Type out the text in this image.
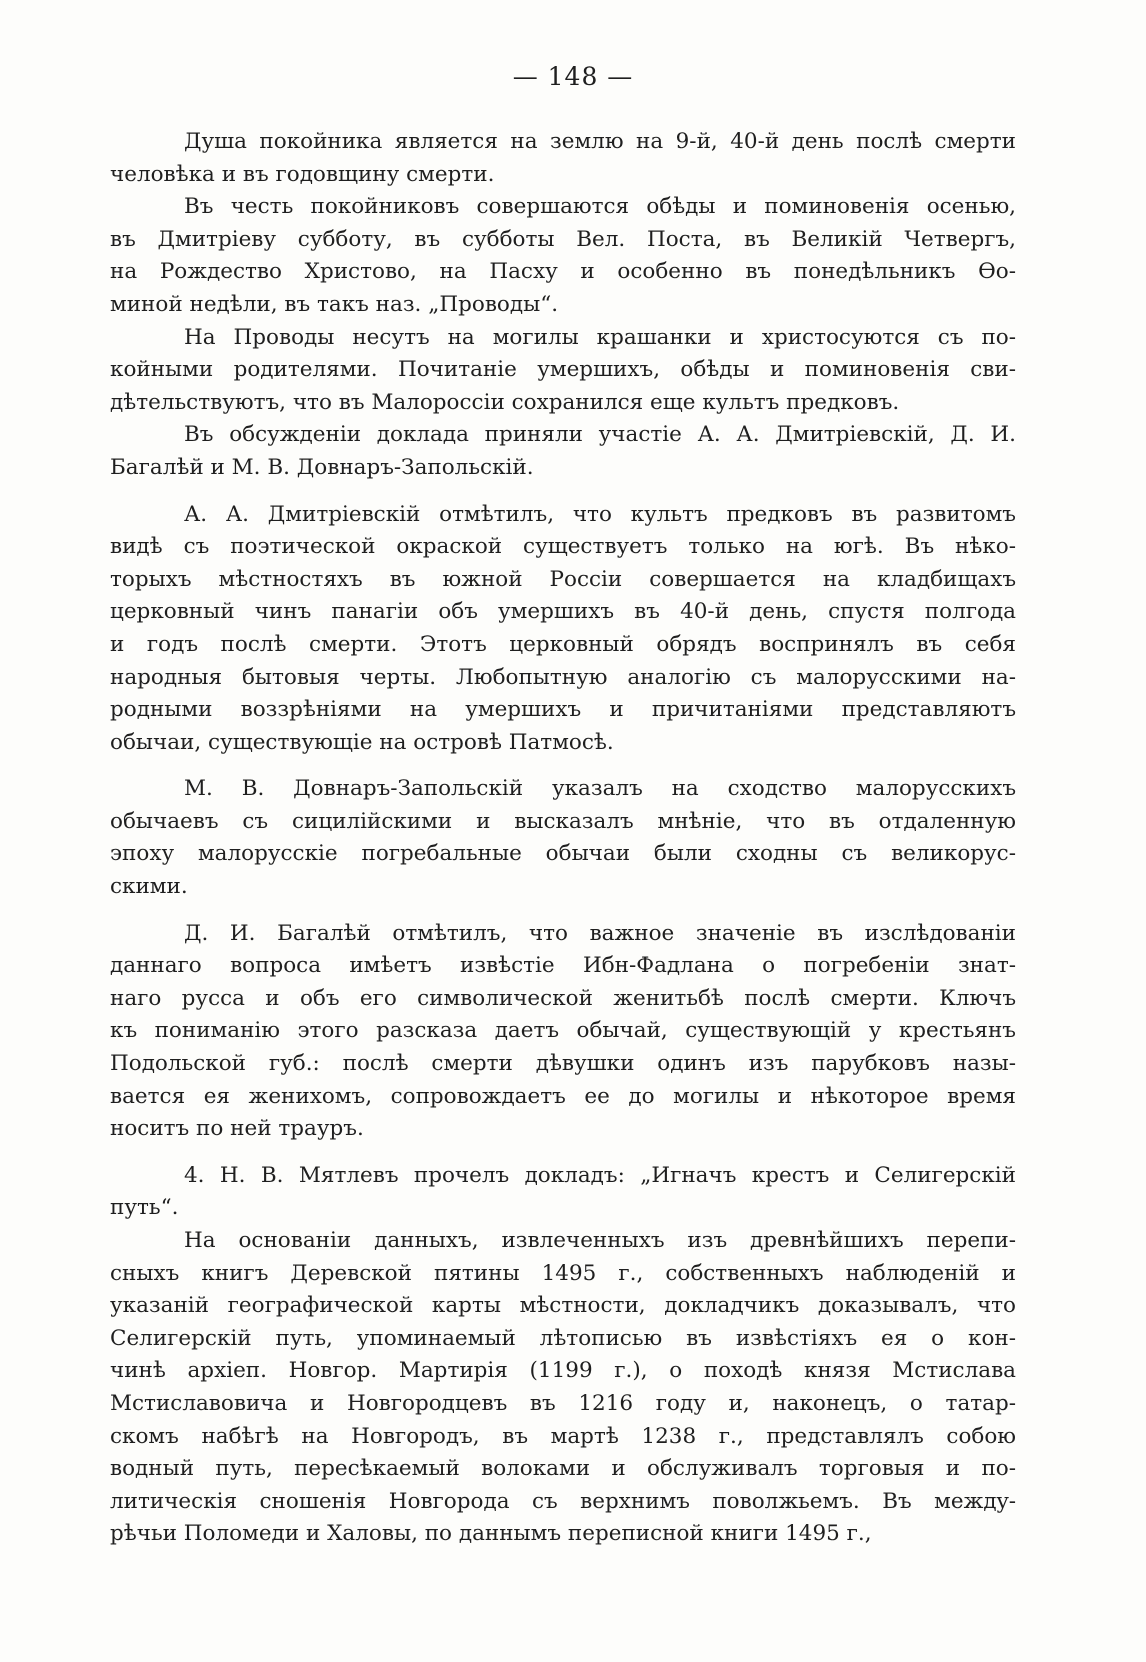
— 148 —
Душа покойника является на землю на 9-й, 40-й день послѣ смерти
человѣка и въ годовщину смерти.
Въ честь покойниковъ совершаются обѣды и поминовенія осенью,
въ Дмитріеву субботу, въ субботы Вел. Поста, въ Великій Четвергъ,
на Рождество Христово, на Пасху и особенно въ понедѣльникъ Ѳо-
миной недѣли, въ такъ наз. „Проводы“.
На Проводы несутъ на могилы крашанки и христосуются съ по-
койными родителями. Почитаніе умершихъ, обѣды и поминовенія сви-
дѣтельствуютъ, что въ Малороссіи сохранился еще культъ предковъ.
Въ обсужденіи доклада приняли участіе А. А. Дмитріевскій, Д. И.
Багалѣй и М. В. Довнаръ-Запольскій.
А. А. Дмитріевскій отмѣтилъ, что культъ предковъ въ развитомъ
видѣ съ поэтической окраской существуетъ только на югѣ. Въ нѣко-
торыхъ мѣстностяхъ въ южной Россіи совершается на кладбищахъ
церковный чинъ панагіи объ умершихъ въ 40-й день, спустя полгода
и годъ послѣ смерти. Этотъ церковный обрядъ воспринялъ въ себя
народныя бытовыя черты. Любопытную аналогію съ малорусскими на-
родными воззрѣніями на умершихъ и причитаніями представляютъ
обычаи, существующіе на островѣ Патмосѣ.
М. В. Довнаръ-Запольскій указалъ на сходство малорусскихъ
обычаевъ съ сицилійскими и высказалъ мнѣніе, что въ отдаленную
эпоху малорусскіе погребальные обычаи были сходны съ великорус-
скими.
Д. И. Багалѣй отмѣтилъ, что важное значеніе въ изслѣдованіи
даннаго вопроса имѣетъ извѣстіе Ибн-Фадлана о погребеніи знат-
наго русса и объ его символической женитьбѣ послѣ смерти. Ключъ
къ пониманію этого разсказа даетъ обычай, существующій у крестьянъ
Подольской губ.: послѣ смерти дѣвушки одинъ изъ парубковъ назы-
вается ея женихомъ, сопровождаетъ ее до могилы и нѣкоторое время
носитъ по ней трауръ.
4. Н. В. Мятлевъ прочелъ докладъ: „Игначъ крестъ и Селигерскій
путь“.
На основаніи данныхъ, извлеченныхъ изъ древнѣйшихъ перепи-
сныхъ книгъ Деревской пятины 1495 г., собственныхъ наблюденій и
указаній географической карты мѣстности, докладчикъ доказывалъ, что
Селигерскій путь, упоминаемый лѣтописью въ извѣстіяхъ ея о кон-
чинѣ архіеп. Новгор. Мартирія (1199 г.), о походѣ князя Мстислава
Мстиславовича и Новгородцевъ въ 1216 году и, наконецъ, о татар-
скомъ набѣгѣ на Новгородъ, въ мартѣ 1238 г., представлялъ собою
водный путь, пересѣкаемый волоками и обслуживалъ торговыя и по-
литическія сношенія Новгорода съ верхнимъ поволжьемъ. Въ междy-
рѣчьи Поломеди и Халовы, по даннымъ переписной книги 1495 г.,
